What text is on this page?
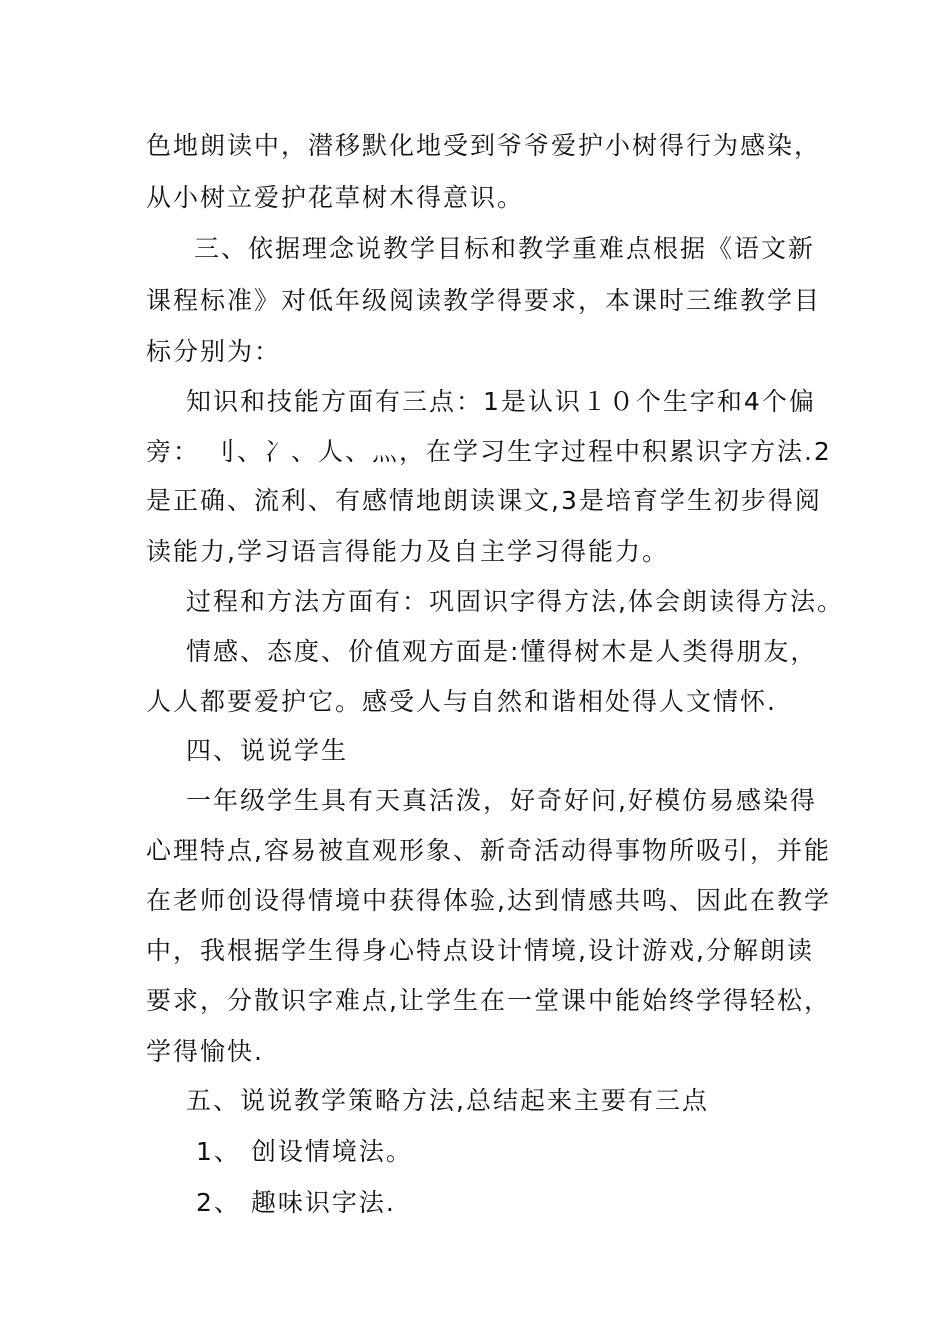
色地朗读中，潜移默化地受到爷爷爱护小树得行为感染，
从小树立爱护花草树木得意识。
三、依据理念说教学目标和教学重难点根据《语文新
课程标准》对低年级阅读教学得要求，本课时三维教学目
标分别为：
知识和技能方面有三点：1是认识１０个生字和4个偏
旁： 刂、冫、人、灬，在学习生字过程中积累识字方法.2
是正确、流利、有感情地朗读课文,3是培育学生初步得阅
读能力,学习语言得能力及自主学习得能力。
过程和方法方面有：巩固识字得方法,体会朗读得方法。
情感、态度、价值观方面是:懂得树木是人类得朋友，
人人都要爱护它。感受人与自然和谐相处得人文情怀.
四、说说学生
一年级学生具有天真活泼，好奇好问,好模仿易感染得
心理特点,容易被直观形象、新奇活动得事物所吸引，并能
在老师创设得情境中获得体验,达到情感共鸣、因此在教学
中，我根据学生得身心特点设计情境,设计游戏,分解朗读
要求，分散识字难点,让学生在一堂课中能始终学得轻松，
学得愉快.
五、说说教学策略方法,总结起来主要有三点
1、 创设情境法。
2、 趣味识字法.
